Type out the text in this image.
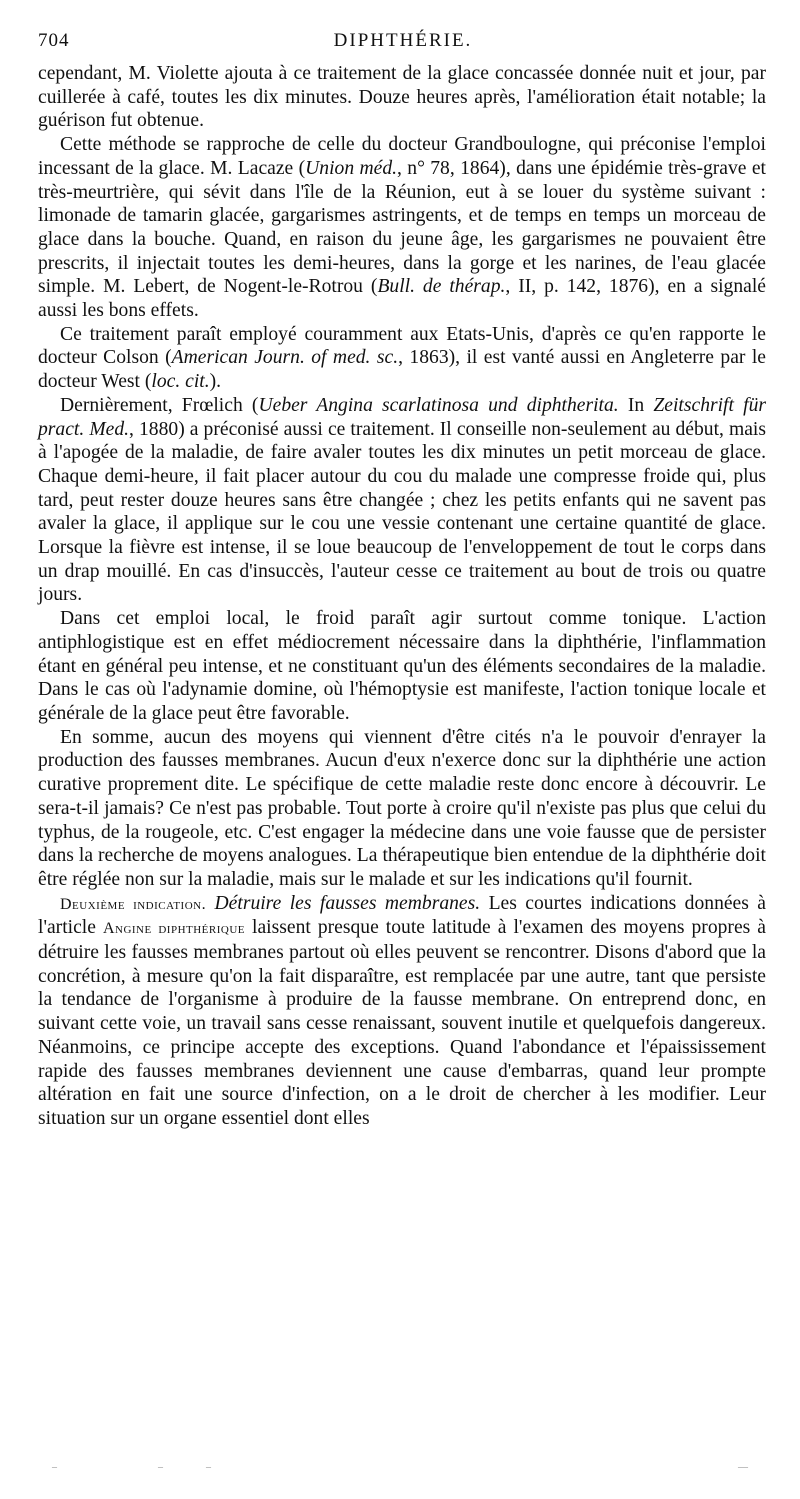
704	DIPHTHÉRIE.

cependant, M. Violette ajouta à ce traitement de la glace concassée donnée nuit et jour, par cuillerée à café, toutes les dix minutes. Douze heures après, l'amélioration était notable; la guérison fut obtenue.

Cette méthode se rapproche de celle du docteur Grandboulogne, qui préconise l'emploi incessant de la glace. M. Lacaze (Union méd., n° 78, 1864), dans une épidémie très-grave et très-meurtrière, qui sévit dans l'île de la Réunion, eut à se louer du système suivant : limonade de tamarin glacée, gargarismes astringents, et de temps en temps un morceau de glace dans la bouche. Quand, en raison du jeune âge, les gargarismes ne pouvaient être prescrits, il injectait toutes les demi-heures, dans la gorge et les narines, de l'eau glacée simple. M. Lebert, de Nogent-le-Rotrou (Bull. de thérap., II, p. 142, 1876), en a signalé aussi les bons effets.

Ce traitement paraît employé couramment aux Etats-Unis, d'après ce qu'en rapporte le docteur Colson (American Journ. of med. sc., 1863), il est vanté aussi en Angleterre par le docteur West (loc. cit.).

Dernièrement, Frœlich (Ueber Angina scarlatinosa und diphtherita. In Zeitschrift für pract. Med., 1880) a préconisé aussi ce traitement. Il conseille non-seulement au début, mais à l'apogée de la maladie, de faire avaler toutes les dix minutes un petit morceau de glace. Chaque demi-heure, il fait placer autour du cou du malade une compresse froide qui, plus tard, peut rester douze heures sans être changée ; chez les petits enfants qui ne savent pas avaler la glace, il applique sur le cou une vessie contenant une certaine quantité de glace. Lorsque la fièvre est intense, il se loue beaucoup de l'enveloppement de tout le corps dans un drap mouillé. En cas d'insuccès, l'auteur cesse ce traitement au bout de trois ou quatre jours.

Dans cet emploi local, le froid paraît agir surtout comme tonique. L'action antiphlogistique est en effet médiocrement nécessaire dans la diphthérie, l'inflammation étant en général peu intense, et ne constituant qu'un des éléments secondaires de la maladie. Dans le cas où l'adynamie domine, où l'hémoptysie est manifeste, l'action tonique locale et générale de la glace peut être favorable.

En somme, aucun des moyens qui viennent d'être cités n'a le pouvoir d'enrayer la production des fausses membranes. Aucun d'eux n'exerce donc sur la diphthérie une action curative proprement dite. Le spécifique de cette maladie reste donc encore à découvrir. Le sera-t-il jamais? Ce n'est pas probable. Tout porte à croire qu'il n'existe pas plus que celui du typhus, de la rougeole, etc. C'est engager la médecine dans une voie fausse que de persister dans la recherche de moyens analogues. La thérapeutique bien entendue de la diphthérie doit être réglée non sur la maladie, mais sur le malade et sur les indications qu'il fournit.

Deuxième indication. Détruire les fausses membranes. Les courtes indications données à l'article Angine diphthérique laissent presque toute latitude à l'examen des moyens propres à détruire les fausses membranes partout où elles peuvent se rencontrer. Disons d'abord que la concrétion, à mesure qu'on la fait disparaître, est remplacée par une autre, tant que persiste la tendance de l'organisme à produire de la fausse membrane. On entreprend donc, en suivant cette voie, un travail sans cesse renaissant, souvent inutile et quelquefois dangereux. Néanmoins, ce principe accepte des exceptions. Quand l'abondance et l'épaississement rapide des fausses membranes deviennent une cause d'embarras, quand leur prompte altération en fait une source d'infection, on a le droit de chercher à les modifier. Leur situation sur un organe essentiel dont elles

–	–	–	––
